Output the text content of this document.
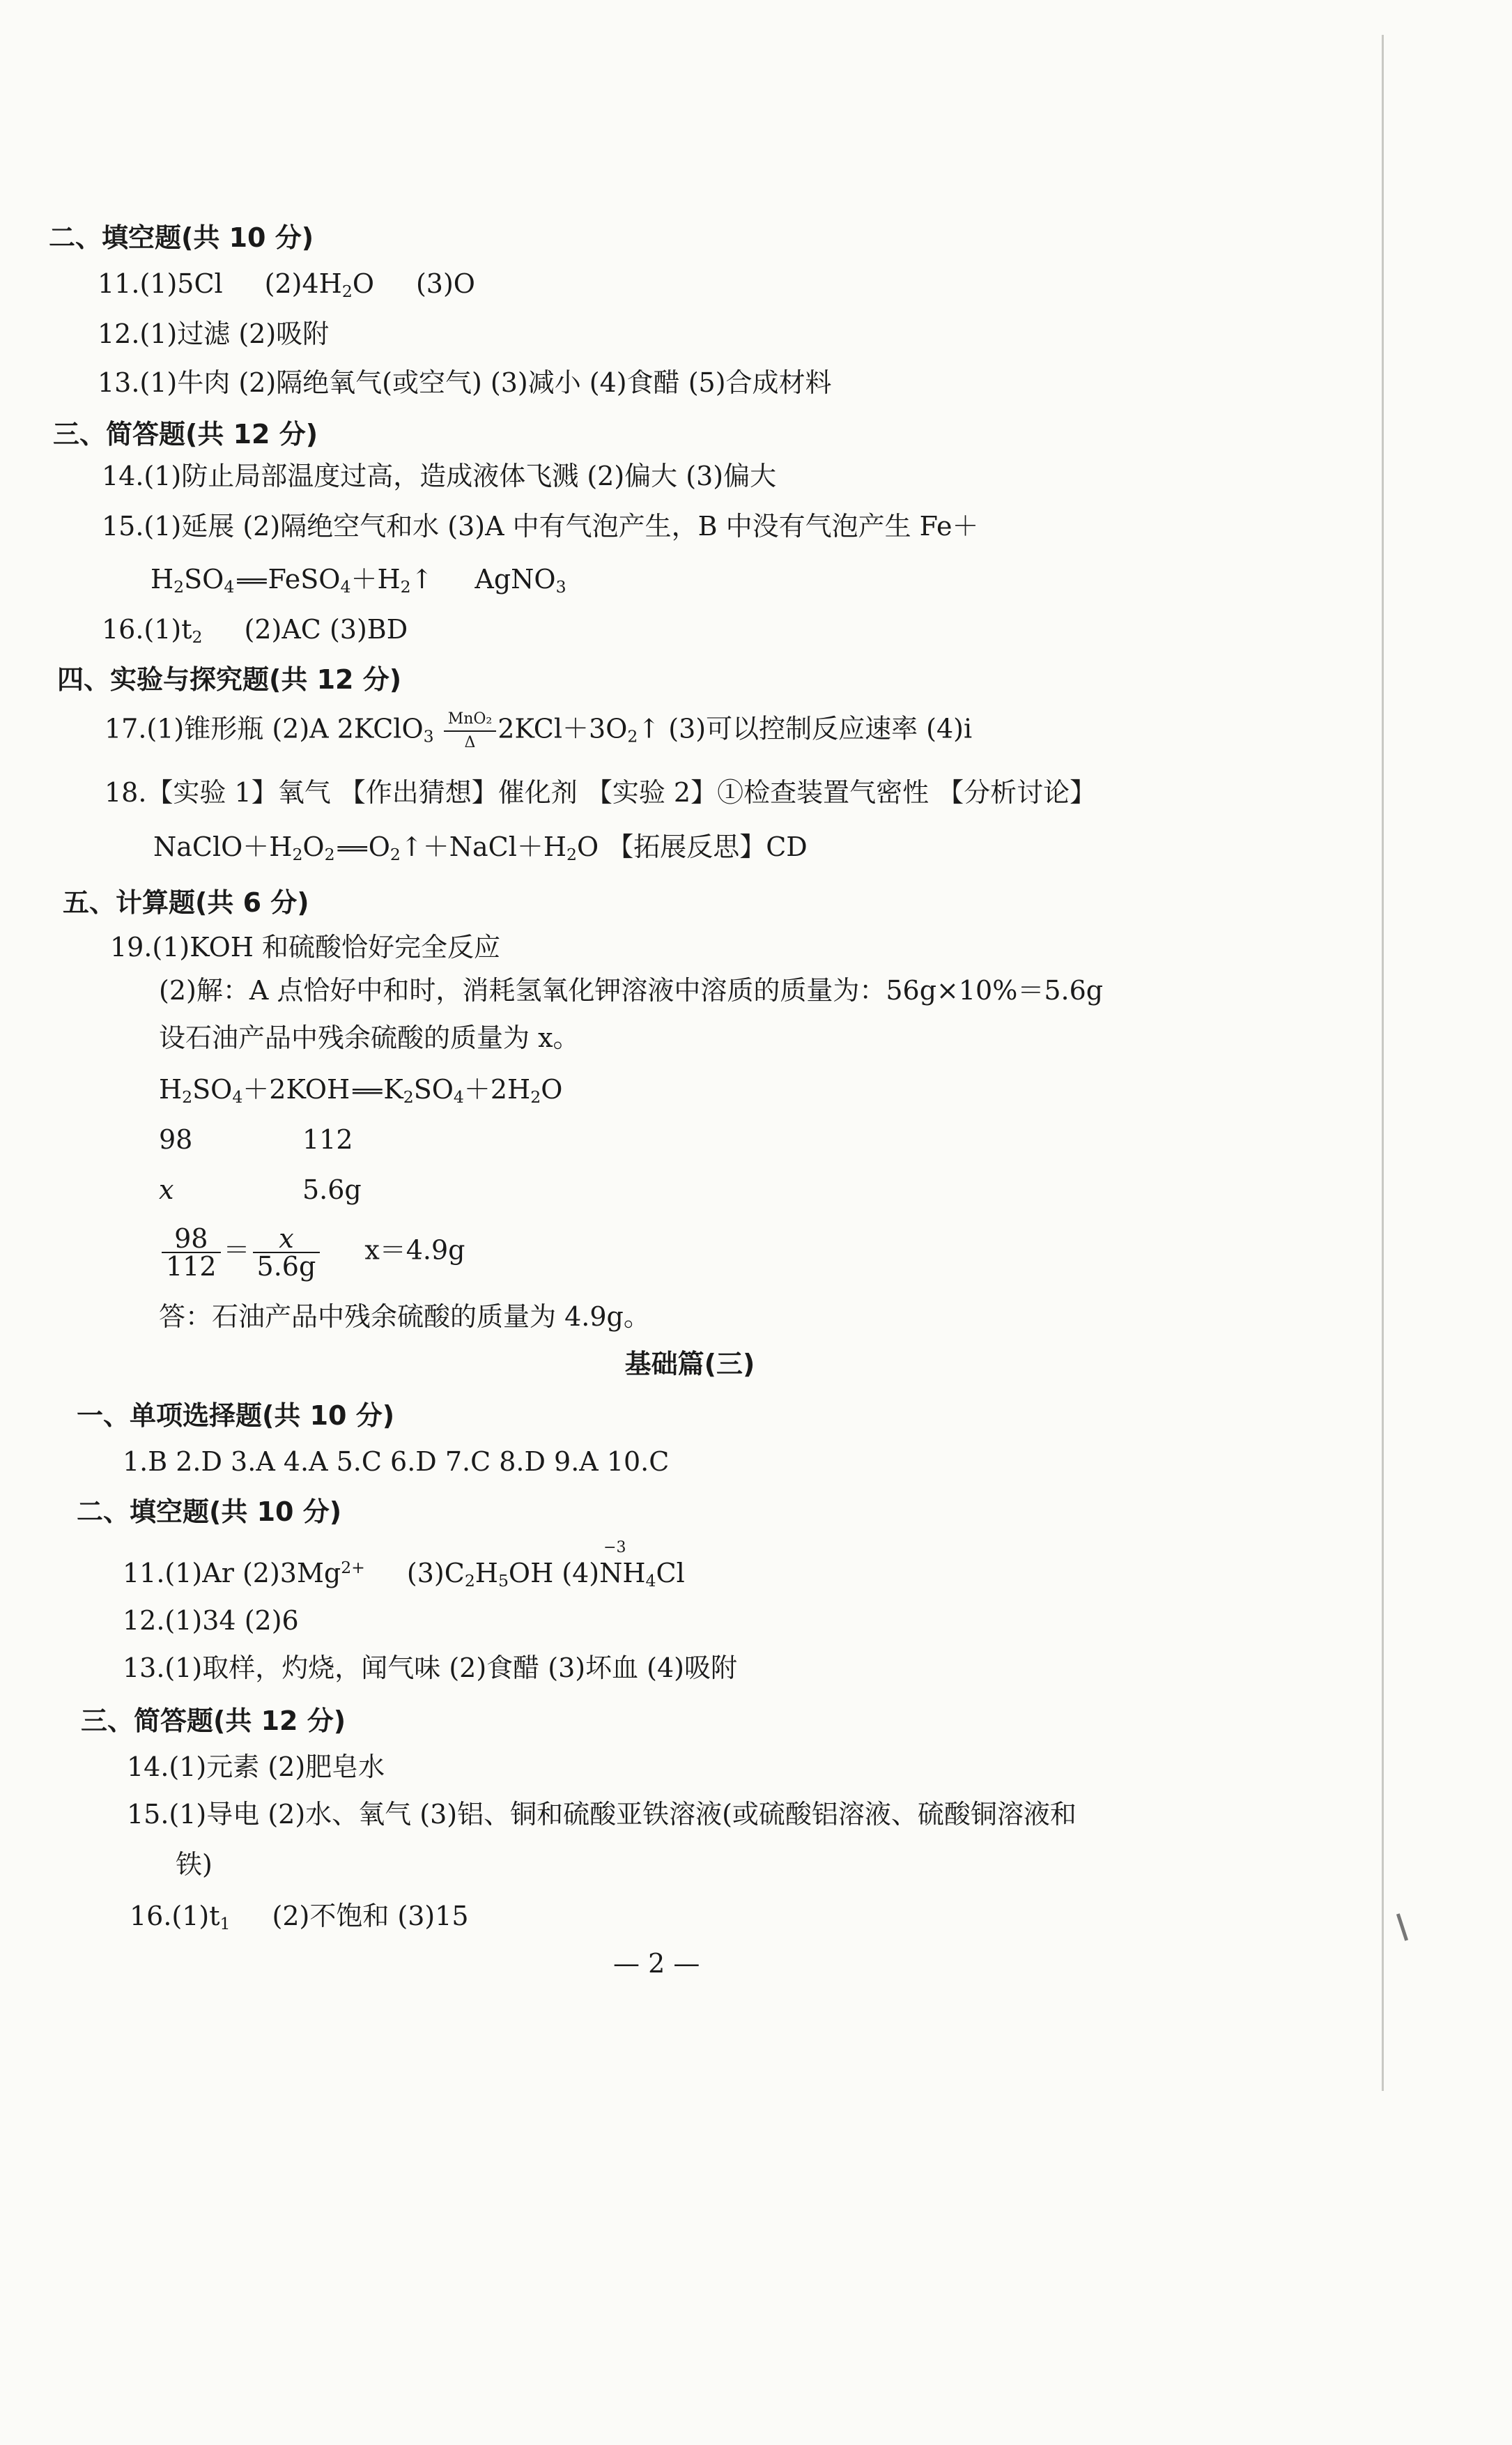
二、填空题(共 10 分)
11.(1)5Cl $(2)4H_2O$ (3)O
12.(1)过滤 (2)吸附
13.(1)牛肉 (2)隔绝氧气(或空气) (3)减小 (4)食醋 (5)合成材料
三、简答题(共 12 分)
14.(1)防止局部温度过高，造成液体飞溅 (2)偏大 (3)偏大
15.(1)延展 (2)隔绝空气和水 (3)A 中有气泡产生，B 中没有气泡产生 Fe＋
$H_2SO_4$ ═══ $FeSO_4+H_2↑$ AgNO$_3$
$16.(1)t_2$ (2)AC (3)BD
四、实验与探究题(共 12 分)
17.(1)锥形瓶 (2)A 2KClO$_3$
MnO₂
Δ $2KCl+3O_2↑$ (3)可以控制反应速率 (4)i
18.【实验 1】氧气 【作出猜想】催化剂 【实验 2】①检查装置气密性 【分析讨论】
$NaClO+H_2O_2$ ═══ $O_2↑+NaCl+H_2O$ 【拓展反思】CD
五、计算题(共 6 分)
19.(1)KOH 和硫酸恰好完全反应
(2)解：A 点恰好中和时，消耗氢氧化钾溶液中溶质的质量为：56g×10%＝5.6g
设石油产品中残余硫酸的质量为 x。
$H_2SO_4+2KOH$ ═══ $K_2SO_4+2H_2O$
98	112
x	5.6g
$\frac{98}{112} = \frac{x}{5.6g} x=4.9g$
答：石油产品中残余硫酸的质量为 4.9g。
基础篇(三)
一、单项选择题(共 10 分)
1.B 2.D 3.A 4.A 5.C 6.D 7.C 8.D 9.A 10.C
二、填空题(共 10 分)
11.(1)Ar $(2)3Mg^{2+}$ $(3)C_2H_5OH$ (4)
−3
$NH_4Cl$
12.(1)34 (2)6
13.(1)取样，灼烧，闻气味 (2)食醋 (3)坏血 (4)吸附
三、简答题(共 12 分)
14.(1)元素 (2)肥皂水
15.(1)导电 (2)水、氧气 (3)铝、铜和硫酸亚铁溶液(或硫酸铝溶液、硫酸铜溶液和
铁)
$16.(1)t_1$ (2)不饱和 (3)15
— 2 —
